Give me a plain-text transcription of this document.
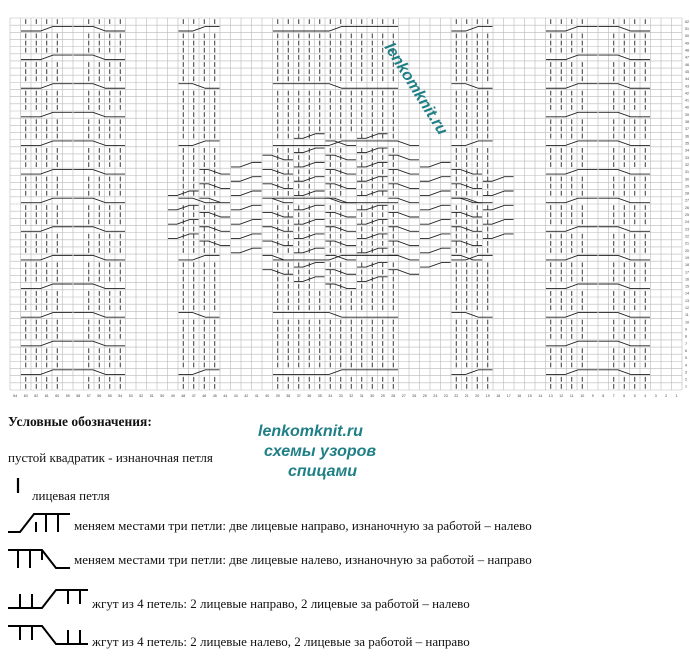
64 63 62 61 60 59 58 57 56 55 54 53 52 51 50 49 48 47 46 45 44 43 42 41 40 39 38 37 36 35 34 33 32 31 30 29 28 27 26 25 24 23 22 21 20 19 18 17 16 15 14 13 12 11 10 9 8 7 6 5 4 3 2 1
52
51
50
49
48
47
46
45
44
43
42
41
40
39
38
37
36
35
34
33
32
31
30
29
28
27
26
25
24
23
22
21
20
19
18
17
16
15
14
13
12
11
10
9
8
7
6
5
4
3
2
1
lenkomknit.ru
Условные обозначения:
пустой квадратик - изнаночная петля
лицевая петля
меняем местами три петли: две лицевые направо, изнаночную за работой – налево
меняем местами три петли: две лицевые налево, изнаночную за работой – направо
жгут из 4 петель: 2 лицевые направо, 2 лицевые за работой – налево
жгут из 4 петель: 2 лицевые налево, 2 лицевые за работой – направо
lenkomknit.ru
схемы узоров
спицами
